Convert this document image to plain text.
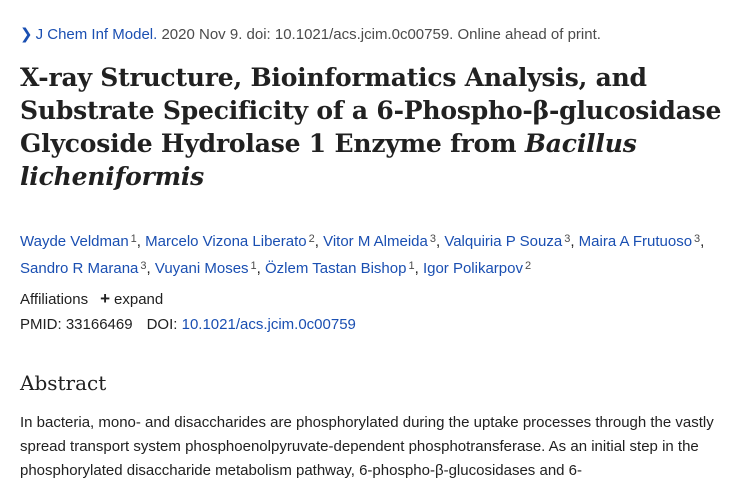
❯ J Chem Inf Model. 2020 Nov 9. doi: 10.1021/acs.jcim.0c00759. Online ahead of print.
X-ray Structure, Bioinformatics Analysis, and Substrate Specificity of a 6-Phospho-β-glucosidase Glycoside Hydrolase 1 Enzyme from Bacillus licheniformis
Wayde Veldman $^1$, Marcelo Vizona Liberato $^2$, Vitor M Almeida $^3$, Valquiria P Souza $^3$, Maira A Frutuoso $^3$, Sandro R Marana $^3$, Vuyani Moses $^1$, Özlem Tastan Bishop $^1$, Igor Polikarpov $^2$
Affiliations + expand
PMID: 33166469 DOI: 10.1021/acs.jcim.0c00759
Abstract
In bacteria, mono- and disaccharides are phosphorylated during the uptake processes through the vastly spread transport system phosphoenolpyruvate-dependent phosphotransferase. As an initial step in the phosphorylated disaccharide metabolism pathway, 6-phospho-β-glucosidases and 6-
